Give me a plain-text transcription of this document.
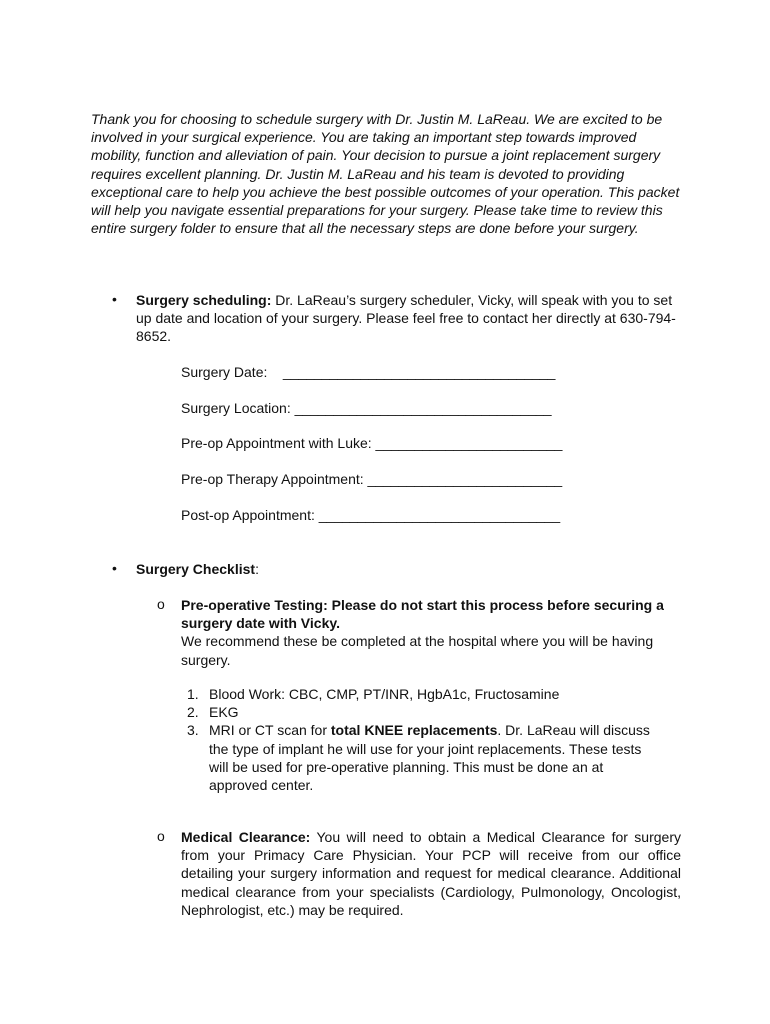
Thank you for choosing to schedule surgery with Dr. Justin M. LaReau. We are excited to be involved in your surgical experience. You are taking an important step towards improved mobility, function and alleviation of pain. Your decision to pursue a joint replacement surgery requires excellent planning. Dr. Justin M. LaReau and his team is devoted to providing exceptional care to help you achieve the best possible outcomes of your operation. This packet will help you navigate essential preparations for your surgery. Please take time to review this entire surgery folder to ensure that all the necessary steps are done before your surgery.

• Surgery scheduling: Dr. LaReau’s surgery scheduler, Vicky, will speak with you to set up date and location of your surgery. Please feel free to contact her directly at 630-794-8652.
Surgery Date:    ___________________________________
Surgery Location: _________________________________
Pre-op Appointment with Luke: ________________________
Pre-op Therapy Appointment: _________________________
Post-op Appointment: _______________________________
• Surgery Checklist:
o Pre-operative Testing: Please do not start this process before securing a surgery date with Vicky.
We recommend these be completed at the hospital where you will be having surgery.
1. Blood Work: CBC, CMP, PT/INR, HgbA1c, Fructosamine
2. EKG
3. MRI or CT scan for total KNEE replacements. Dr. LaReau will discuss the type of implant he will use for your joint replacements. These tests will be used for pre-operative planning. This must be done an at approved center.
o Medical Clearance: You will need to obtain a Medical Clearance for surgery from your Primacy Care Physician. Your PCP will receive from our office detailing your surgery information and request for medical clearance. Additional medical clearance from your specialists (Cardiology, Pulmonology, Oncologist, Nephrologist, etc.) may be required.
